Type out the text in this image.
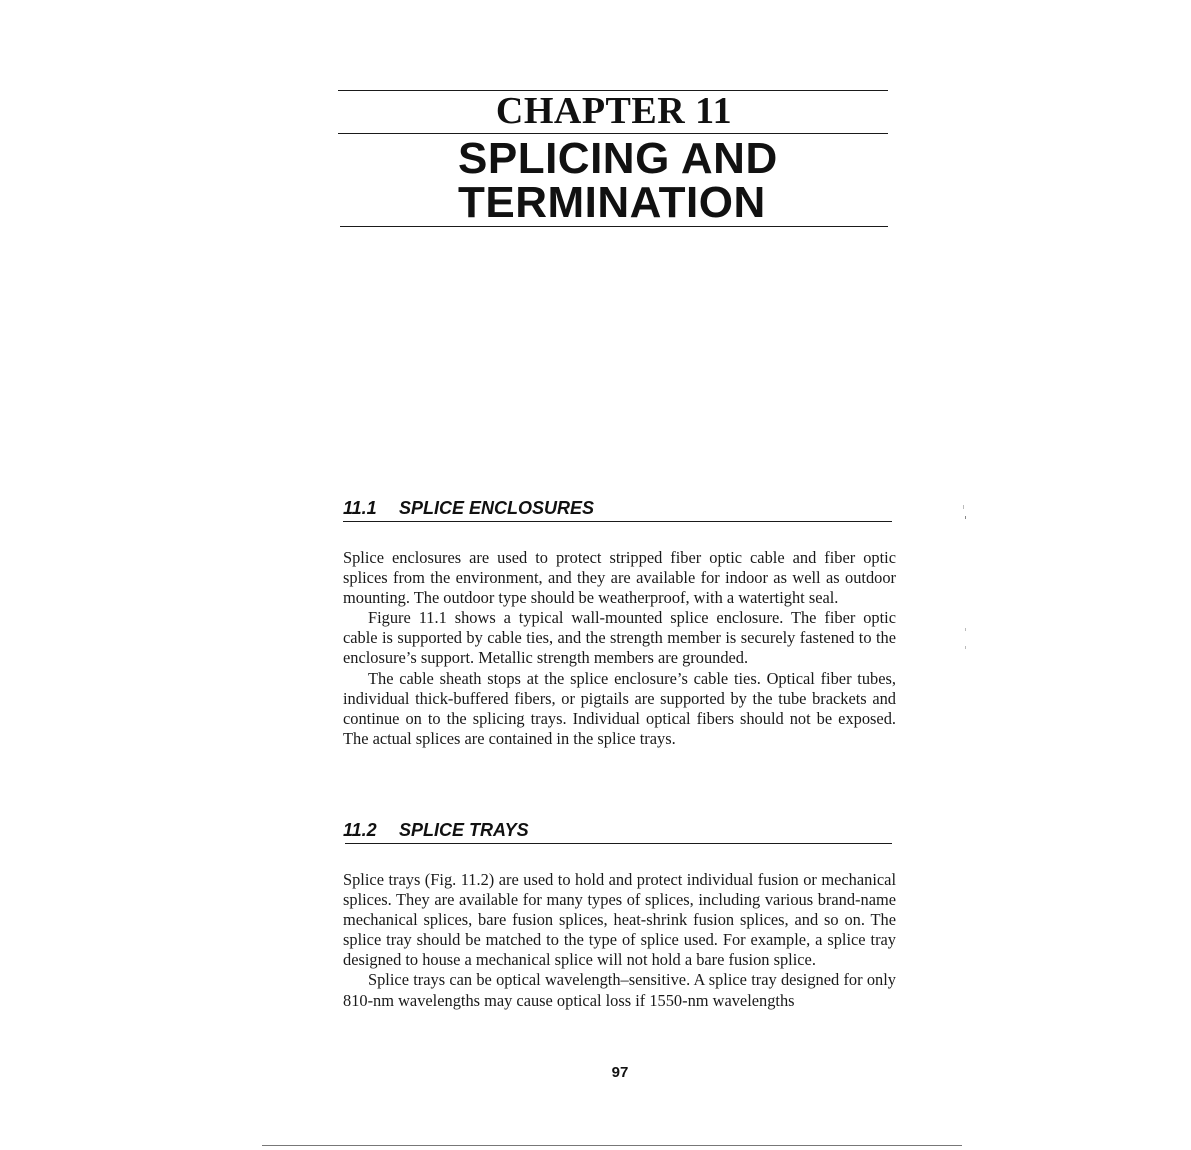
CHAPTER 11
SPLICING AND
TERMINATION
11.1 SPLICE ENCLOSURES

Splice enclosures are used to protect stripped fiber optic cable and fiber optic splices from the environment, and they are available for indoor as well as outdoor mounting. The outdoor type should be weatherproof, with a watertight seal.

Figure 11.1 shows a typical wall-mounted splice enclosure. The fiber optic cable is supported by cable ties, and the strength member is securely fastened to the enclosure’s support. Metallic strength members are grounded.

The cable sheath stops at the splice enclosure’s cable ties. Optical fiber tubes, individual thick-buffered fibers, or pigtails are supported by the tube brackets and continue on to the splicing trays. Individual optical fibers should not be exposed. The actual splices are contained in the splice trays.

11.2 SPLICE TRAYS

Splice trays (Fig. 11.2) are used to hold and protect individual fusion or mechanical splices. They are available for many types of splices, including various brand-name mechanical splices, bare fusion splices, heat-shrink fusion splices, and so on. The splice tray should be matched to the type of splice used. For example, a splice tray designed to house a mechanical splice will not hold a bare fusion splice.

Splice trays can be optical wavelength–sensitive. A splice tray designed for only 810-nm wavelengths may cause optical loss if 1550-nm wavelengths

97
